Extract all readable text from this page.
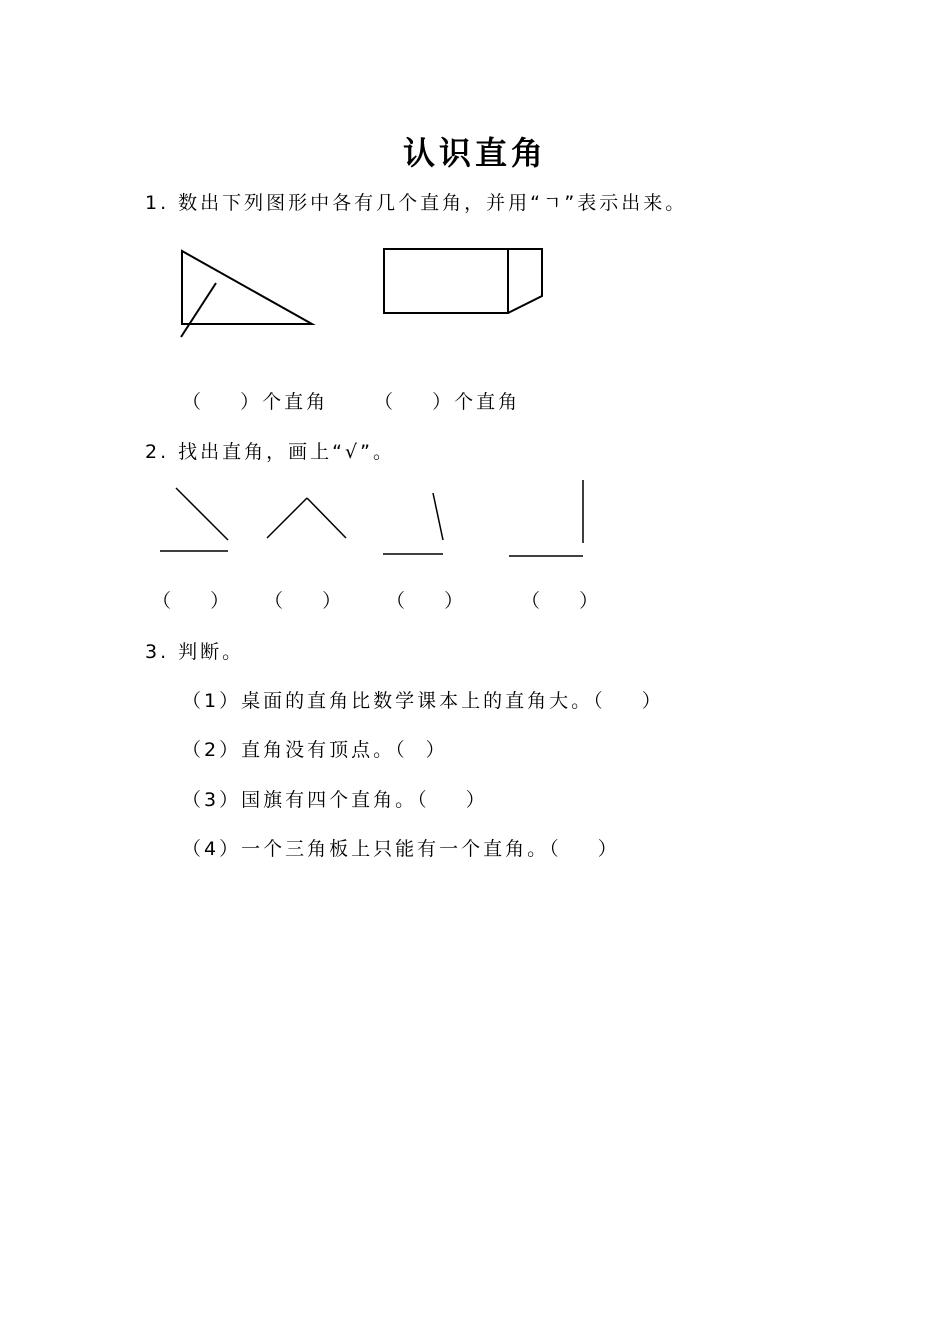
认识直角
1. 数出下列图形中各有几个直角，并用“ㄱ”表示出来。
（    ）个直角 （    ）个直角
2. 找出直角，画上“√”。
（    ） （    ） （    ）	（    ）
3. 判断。
（1）桌面的直角比数学课本上的直角大。（    ）
（2）直角没有顶点。（  ）
（3）国旗有四个直角。（    ）
（4）一个三角板上只能有一个直角。（    ）
